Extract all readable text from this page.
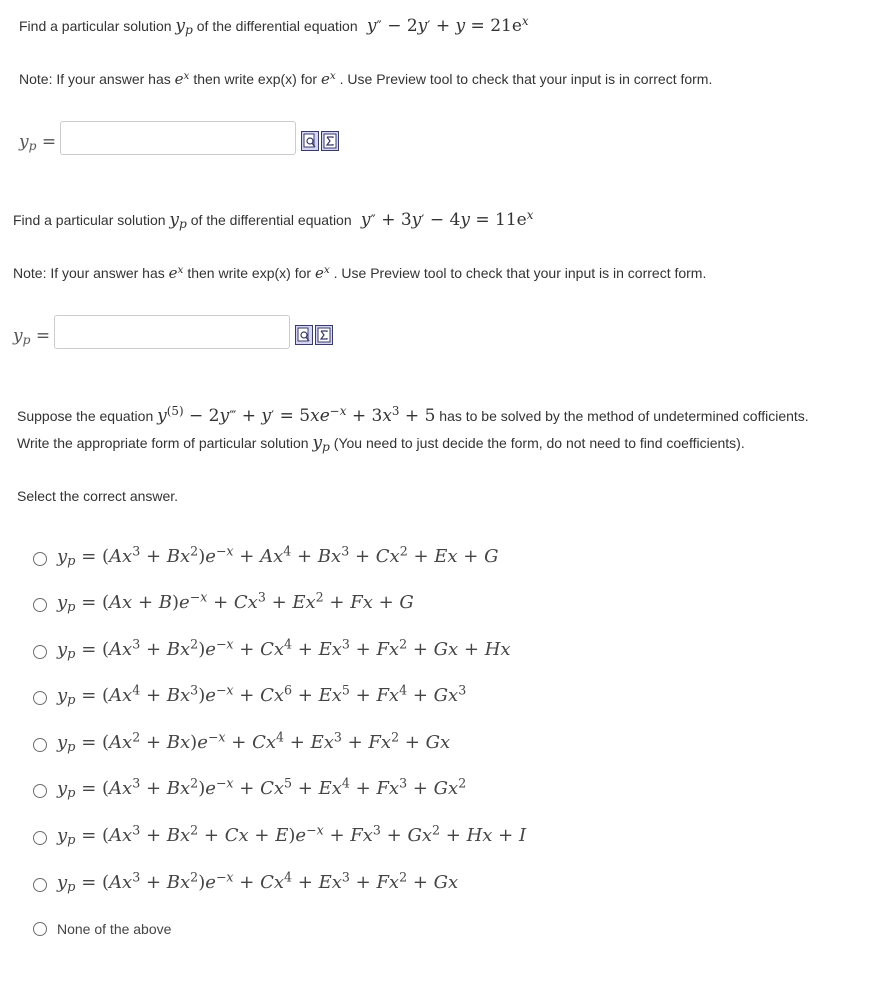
Find a particular solution $y_p$ of the differential equation  $y'' - 2y' + y = 21e^x$
Note: If your answer has $e^x$ then write exp(x) for $e^x$ . Use Preview tool to check that your input is in correct form.
$y_p$ =
Find a particular solution $y_p$ of the differential equation  $y'' + 3y' - 4y = 11e^x$
Note: If your answer has $e^x$ then write exp(x) for $e^x$ . Use Preview tool to check that your input is in correct form.
$y_p$ =
Suppose the equation $y^{(5)}$ − 2y‴ + $y' = 5xe^{-x} + 3x^3 + 5$ has to be solved by the method of undetermined cofficients.
Write the appropriate form of particular solution $y_p$ (You need to just decide the form, do not need to find coefficients).
Select the correct answer.
$y_p = (Ax^3 + Bx^2)e^{-x} + Ax^4 + Bx^3 + Cx^2 + Ex + G$
$y_p = (Ax + B)e^{-x} + Cx^3 + Ex^2 + Fx + G$
$y_p = (Ax^3 + Bx^2)e^{-x} + Cx^4 + Ex^3 + Fx^2 + Gx + Hx$
$y_p = (Ax^4 + Bx^3)e^{-x} + Cx^6 + Ex^5 + Fx^4 + Gx^3$
$y_p = (Ax^2 + Bx)e^{-x} + Cx^4 + Ex^3 + Fx^2 + Gx$
$y_p = (Ax^3 + Bx^2)e^{-x} + Cx^5 + Ex^4 + Fx^3 + Gx^2$
$y_p = (Ax^3 + Bx^2 + Cx + E)e^{-x} + Fx^3 + Gx^2 + Hx + I$
$y_p = (Ax^3 + Bx^2)e^{-x} + Cx^4 + Ex^3 + Fx^2 + Gx$
None of the above
